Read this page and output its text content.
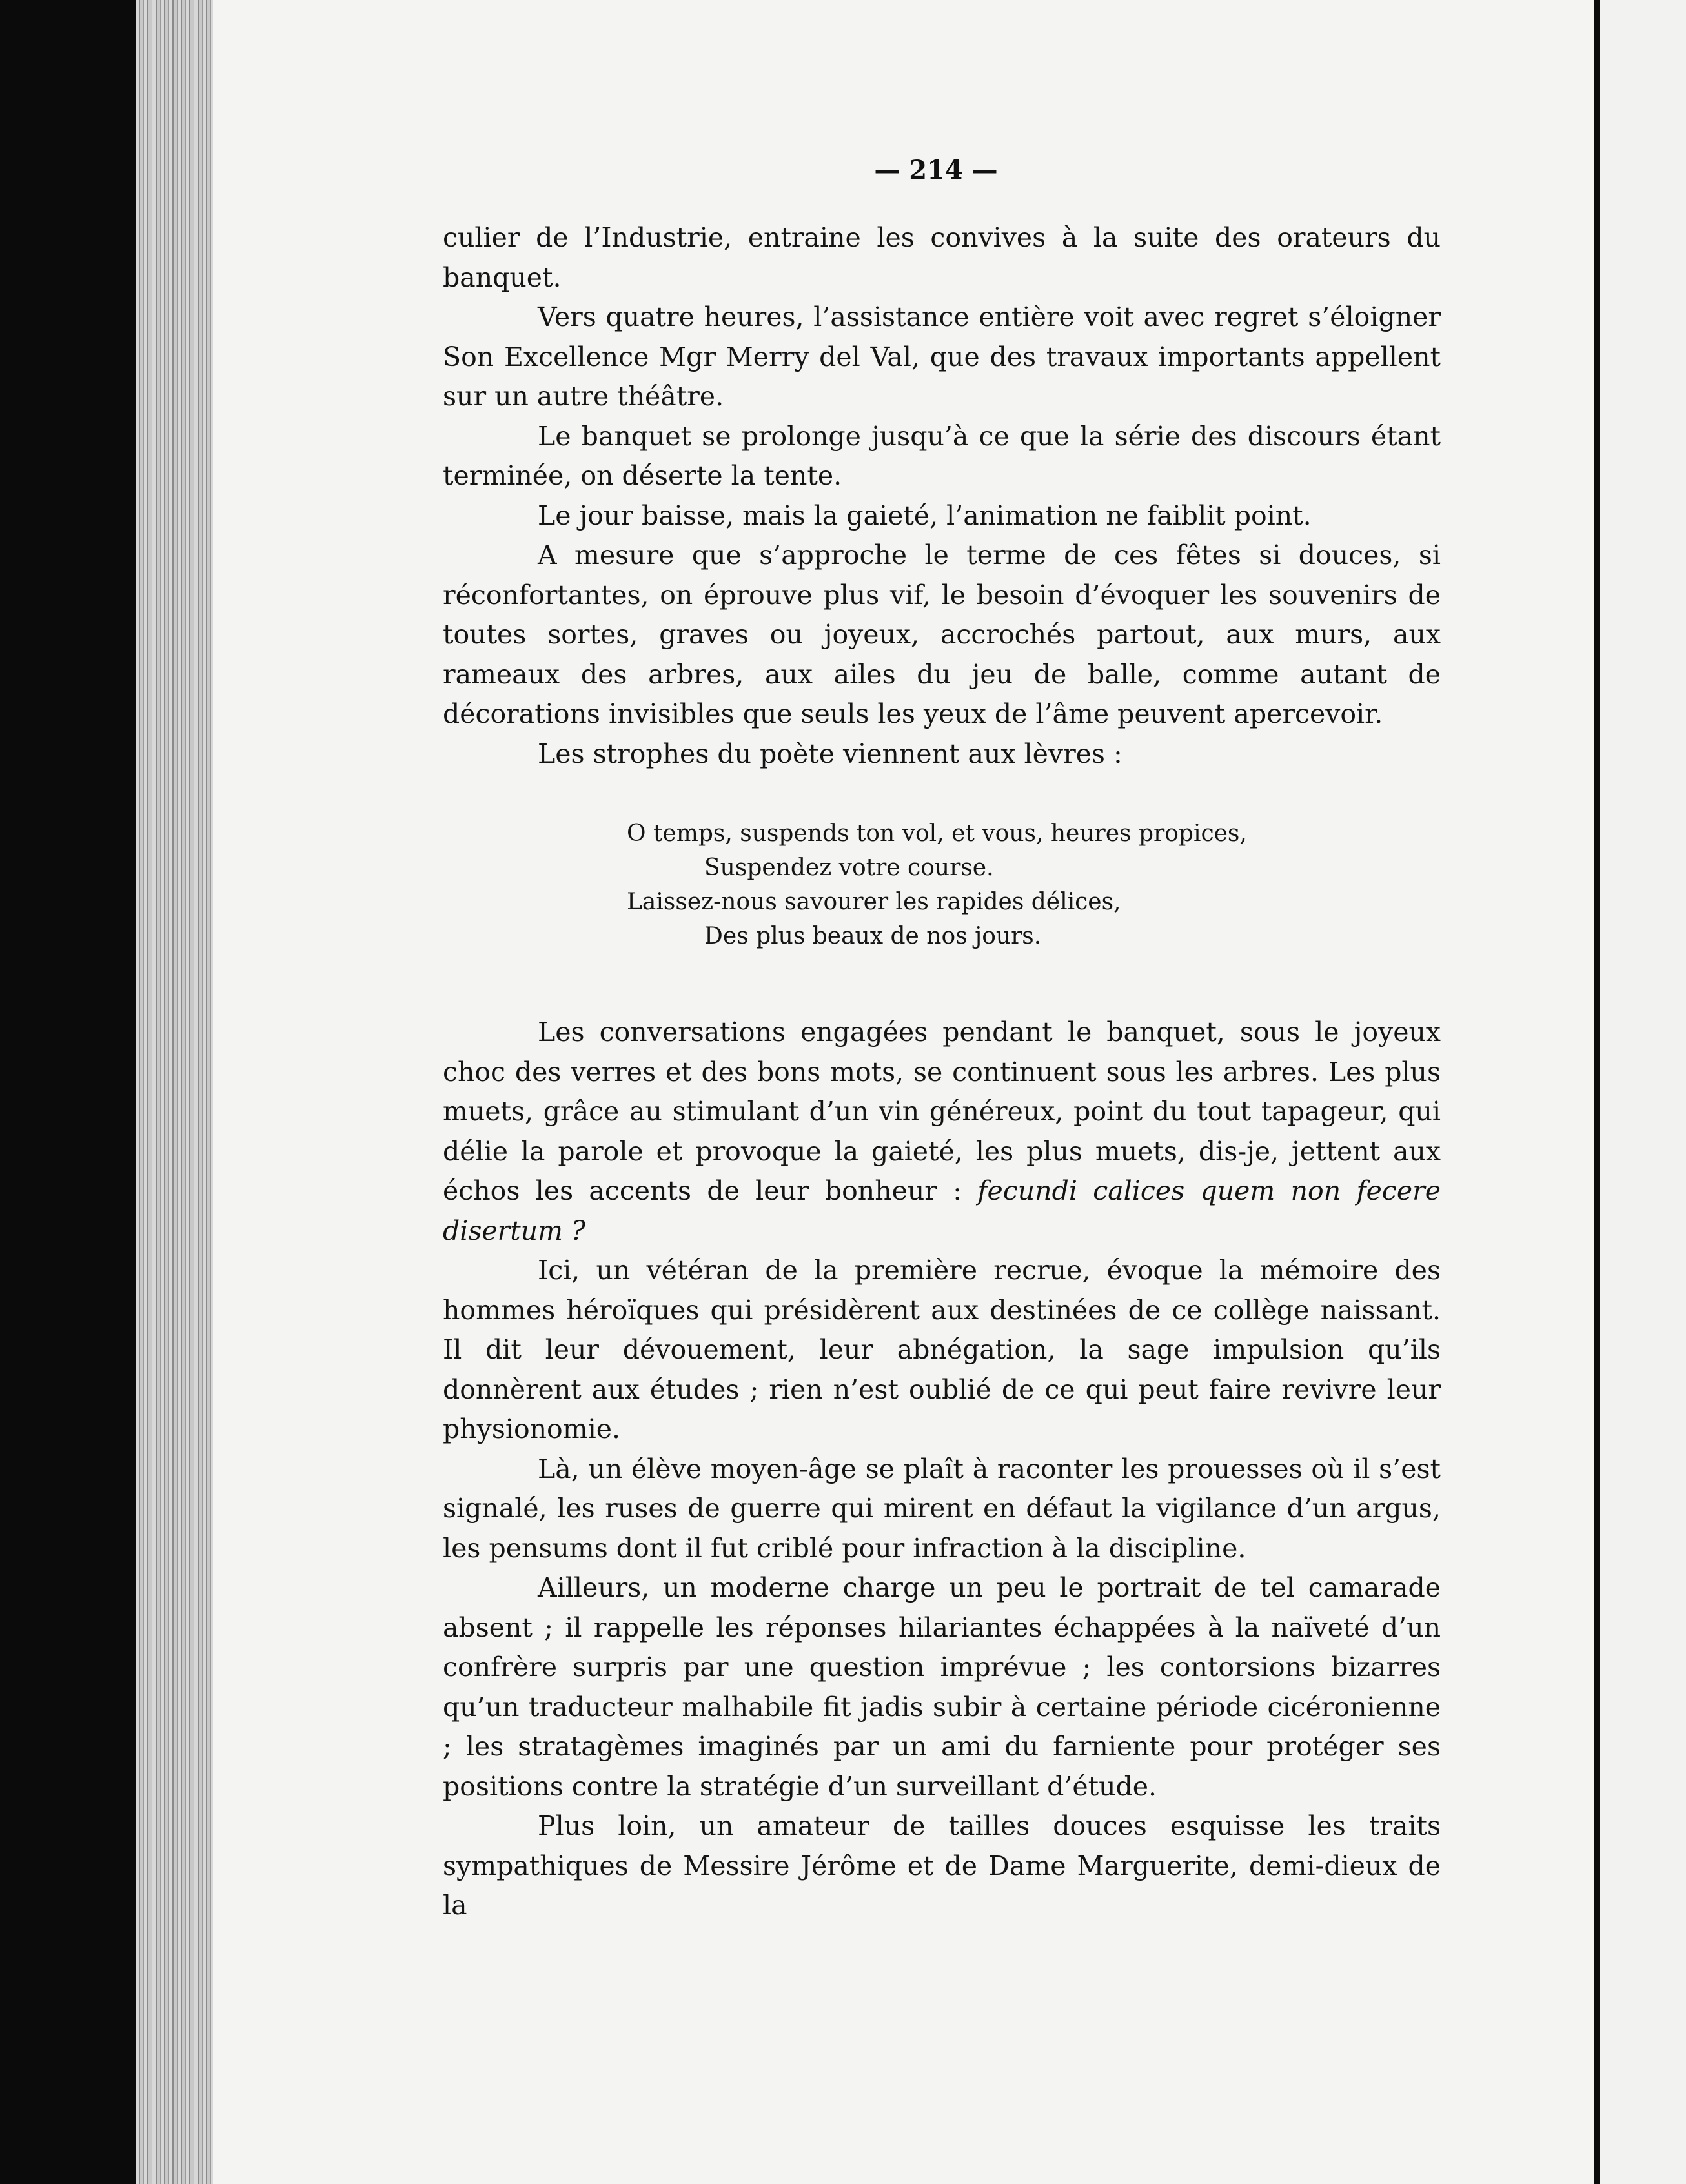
— 214 —

culier de l’Industrie, entraine les convives à la suite des orateurs du banquet.

Vers quatre heures, l’assistance entière voit avec regret s’éloigner Son Excellence Mgr Merry del Val, que des travaux importants appellent sur un autre théâtre.

Le banquet se prolonge jusqu’à ce que la série des discours étant terminée, on déserte la tente.

Le jour baisse, mais la gaieté, l’animation ne faiblit point.

A mesure que s’approche le terme de ces fêtes si douces, si réconfortantes, on éprouve plus vif, le besoin d’évoquer les souvenirs de toutes sortes, graves ou joyeux, accrochés partout, aux murs, aux rameaux des arbres, aux ailes du jeu de balle, comme autant de décorations invisibles que seuls les yeux de l’âme peuvent apercevoir.

Les strophes du poète viennent aux lèvres :

O temps, suspends ton vol, et vous, heures propices,
Suspendez votre course.
Laissez-nous savourer les rapides délices,
Des plus beaux de nos jours.

Les conversations engagées pendant le banquet, sous le joyeux choc des verres et des bons mots, se continuent sous les arbres. Les plus muets, grâce au stimulant d’un vin généreux, point du tout tapageur, qui délie la parole et provoque la gaieté, les plus muets, dis-je, jettent aux échos les accents de leur bonheur : fecundi calices quem non fecere disertum ?

Ici, un vétéran de la première recrue, évoque la mémoire des hommes héroïques qui présidèrent aux destinées de ce collège naissant. Il dit leur dévouement, leur abnégation, la sage impulsion qu’ils donnèrent aux études ; rien n’est oublié de ce qui peut faire revivre leur physionomie.

Là, un élève moyen-âge se plaît à raconter les prouesses où il s’est signalé, les ruses de guerre qui mirent en défaut la vigilance d’un argus, les pensums dont il fut criblé pour infraction à la discipline.

Ailleurs, un moderne charge un peu le portrait de tel camarade absent ; il rappelle les réponses hilariantes échappées à la naïveté d’un confrère surpris par une question imprévue ; les contorsions bizarres qu’un traducteur malhabile fit jadis subir à certaine période cicéronienne ; les stratagèmes imaginés par un ami du farniente pour protéger ses positions contre la stratégie d’un surveillant d’étude.

Plus loin, un amateur de tailles douces esquisse les traits sympathiques de Messire Jérôme et de Dame Marguerite, demi-dieux de la
